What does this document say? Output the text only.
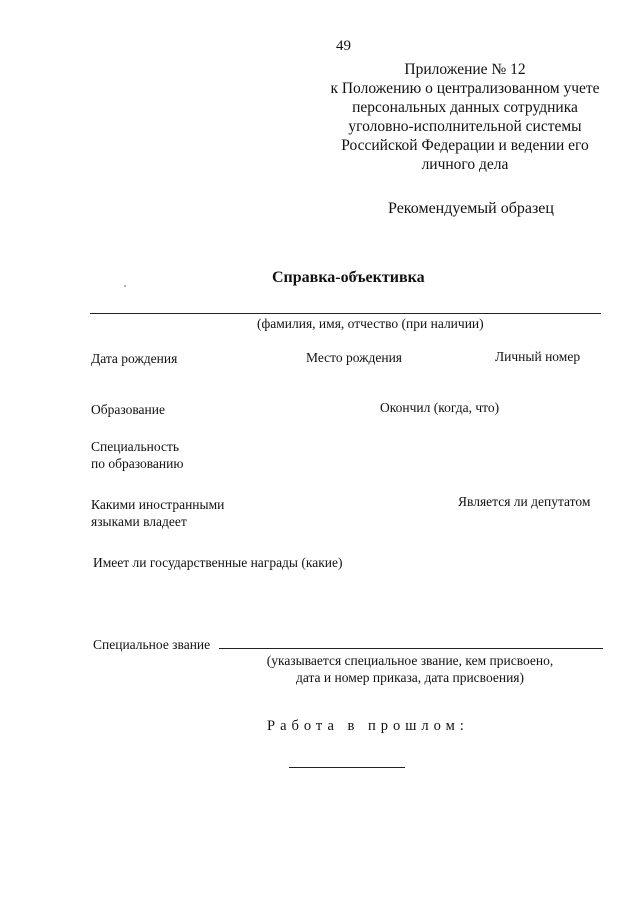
49
Приложение № 12
к Положению о централизованном учете
персональных данных сотрудника
уголовно-исполнительной системы
Российской Федерации и ведении его
личного дела
Рекомендуемый образец
Справка-объективка
(фамилия, имя, отчество (при наличии)
Дата рождения	Место рождения	Личный номер
Образование	Окончил (когда, что)
Специальность
по образованию
Какими иностранными
языками владеет
Является ли депутатом
Имеет ли государственные награды (какие)
Специальное звание
(указывается специальное звание, кем присвоено,
дата и номер приказа, дата присвоения)
Работа в прошлом:
